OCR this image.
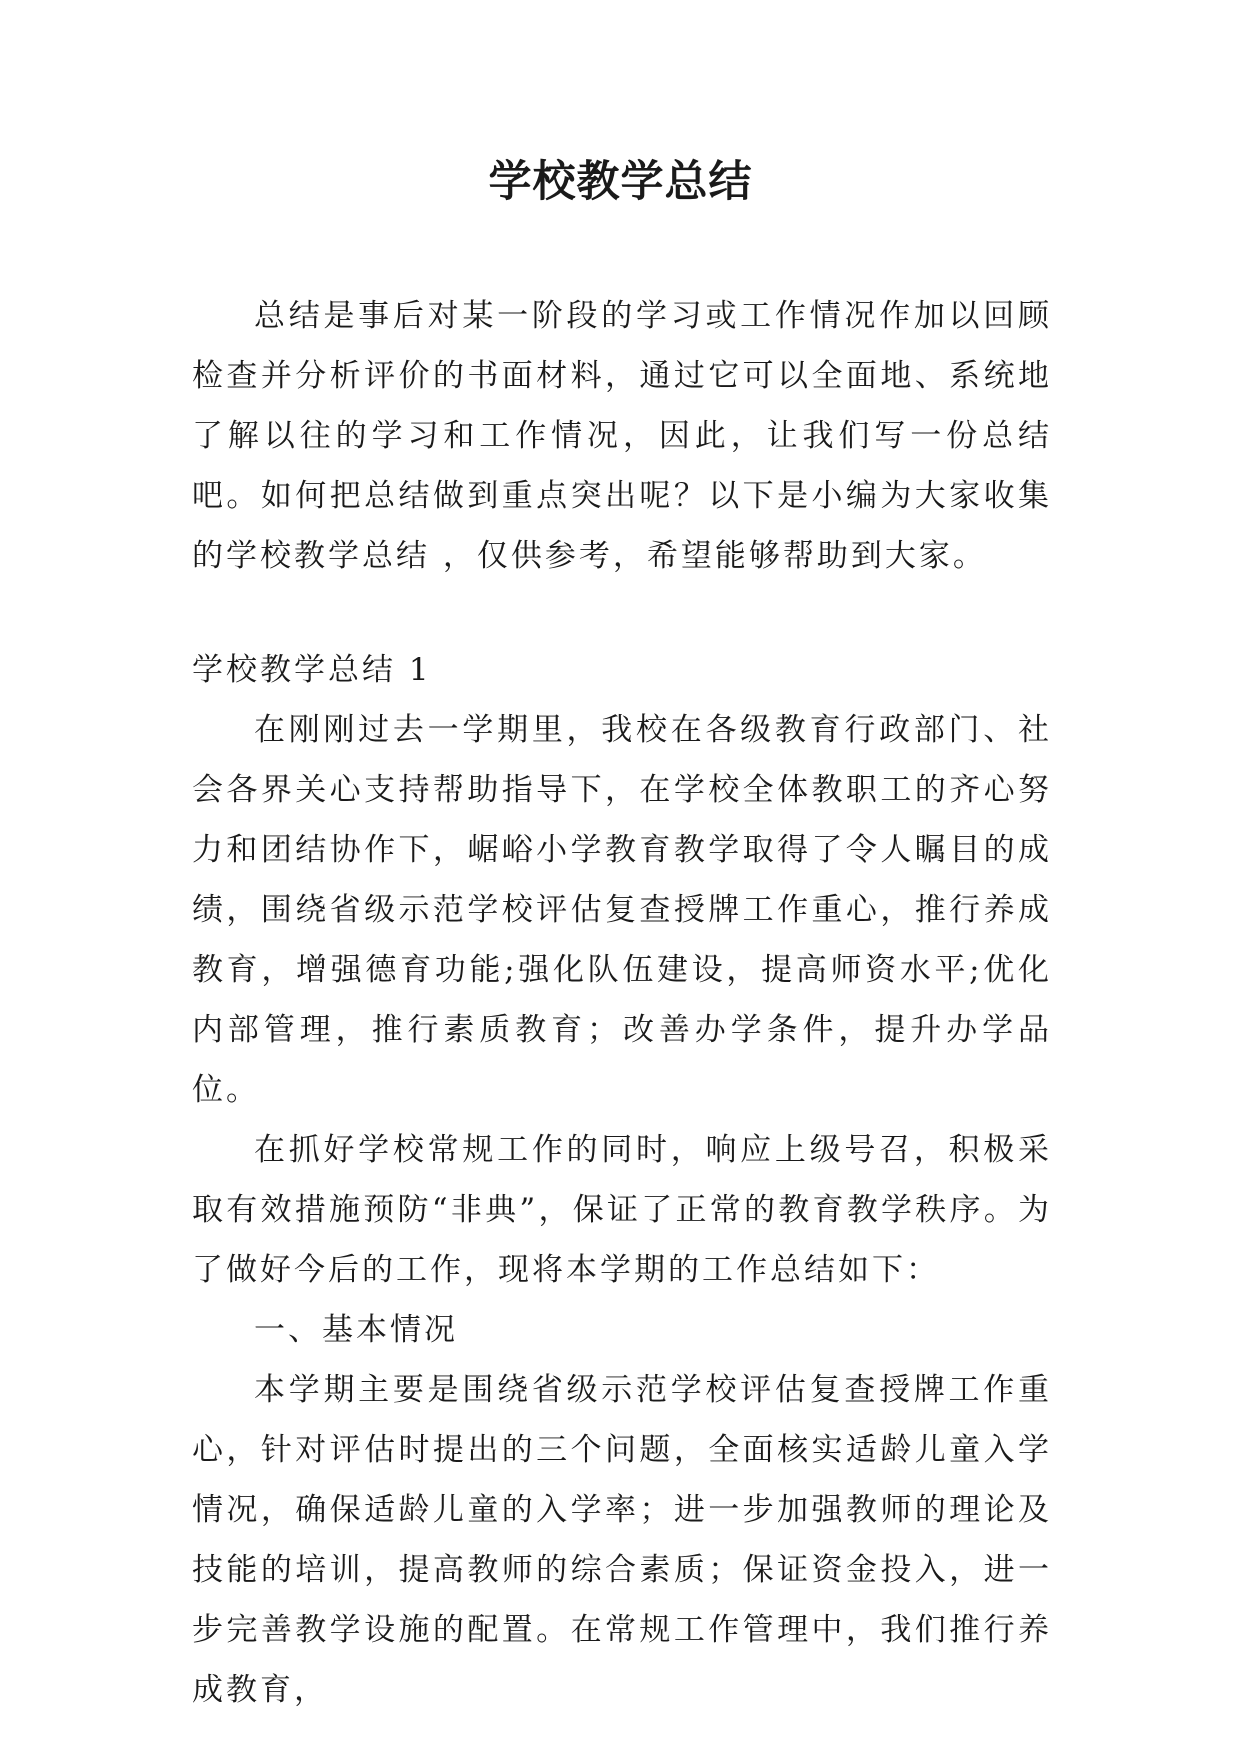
学校教学总结

总结是事后对某一阶段的学习或工作情况作加以回顾检查并分析评价的书面材料，通过它可以全面地、系统地了解以往的学习和工作情况，因此，让我们写一份总结吧。如何把总结做到重点突出呢？以下是小编为大家收集的学校教学总结 ，仅供参考，希望能够帮助到大家。

学校教学总结 1

在刚刚过去一学期里，我校在各级教育行政部门、社会各界关心支持帮助指导下，在学校全体教职工的齐心努力和团结协作下，崌峪小学教育教学取得了令人瞩目的成绩，围绕省级示范学校评估复查授牌工作重心，推行养成教育，增强德育功能;强化队伍建设，提高师资水平;优化内部管理，推行素质教育；改善办学条件，提升办学品位。

在抓好学校常规工作的同时，响应上级号召，积极采取有效措施预防“非典”，保证了正常的教育教学秩序。为了做好今后的工作，现将本学期的工作总结如下：

一、基本情况

本学期主要是围绕省级示范学校评估复查授牌工作重心，针对评估时提出的三个问题，全面核实适龄儿童入学情况，确保适龄儿童的入学率；进一步加强教师的理论及技能的培训，提高教师的综合素质；保证资金投入，进一步完善教学设施的配置。在常规工作管理中，我们推行养成教育，
